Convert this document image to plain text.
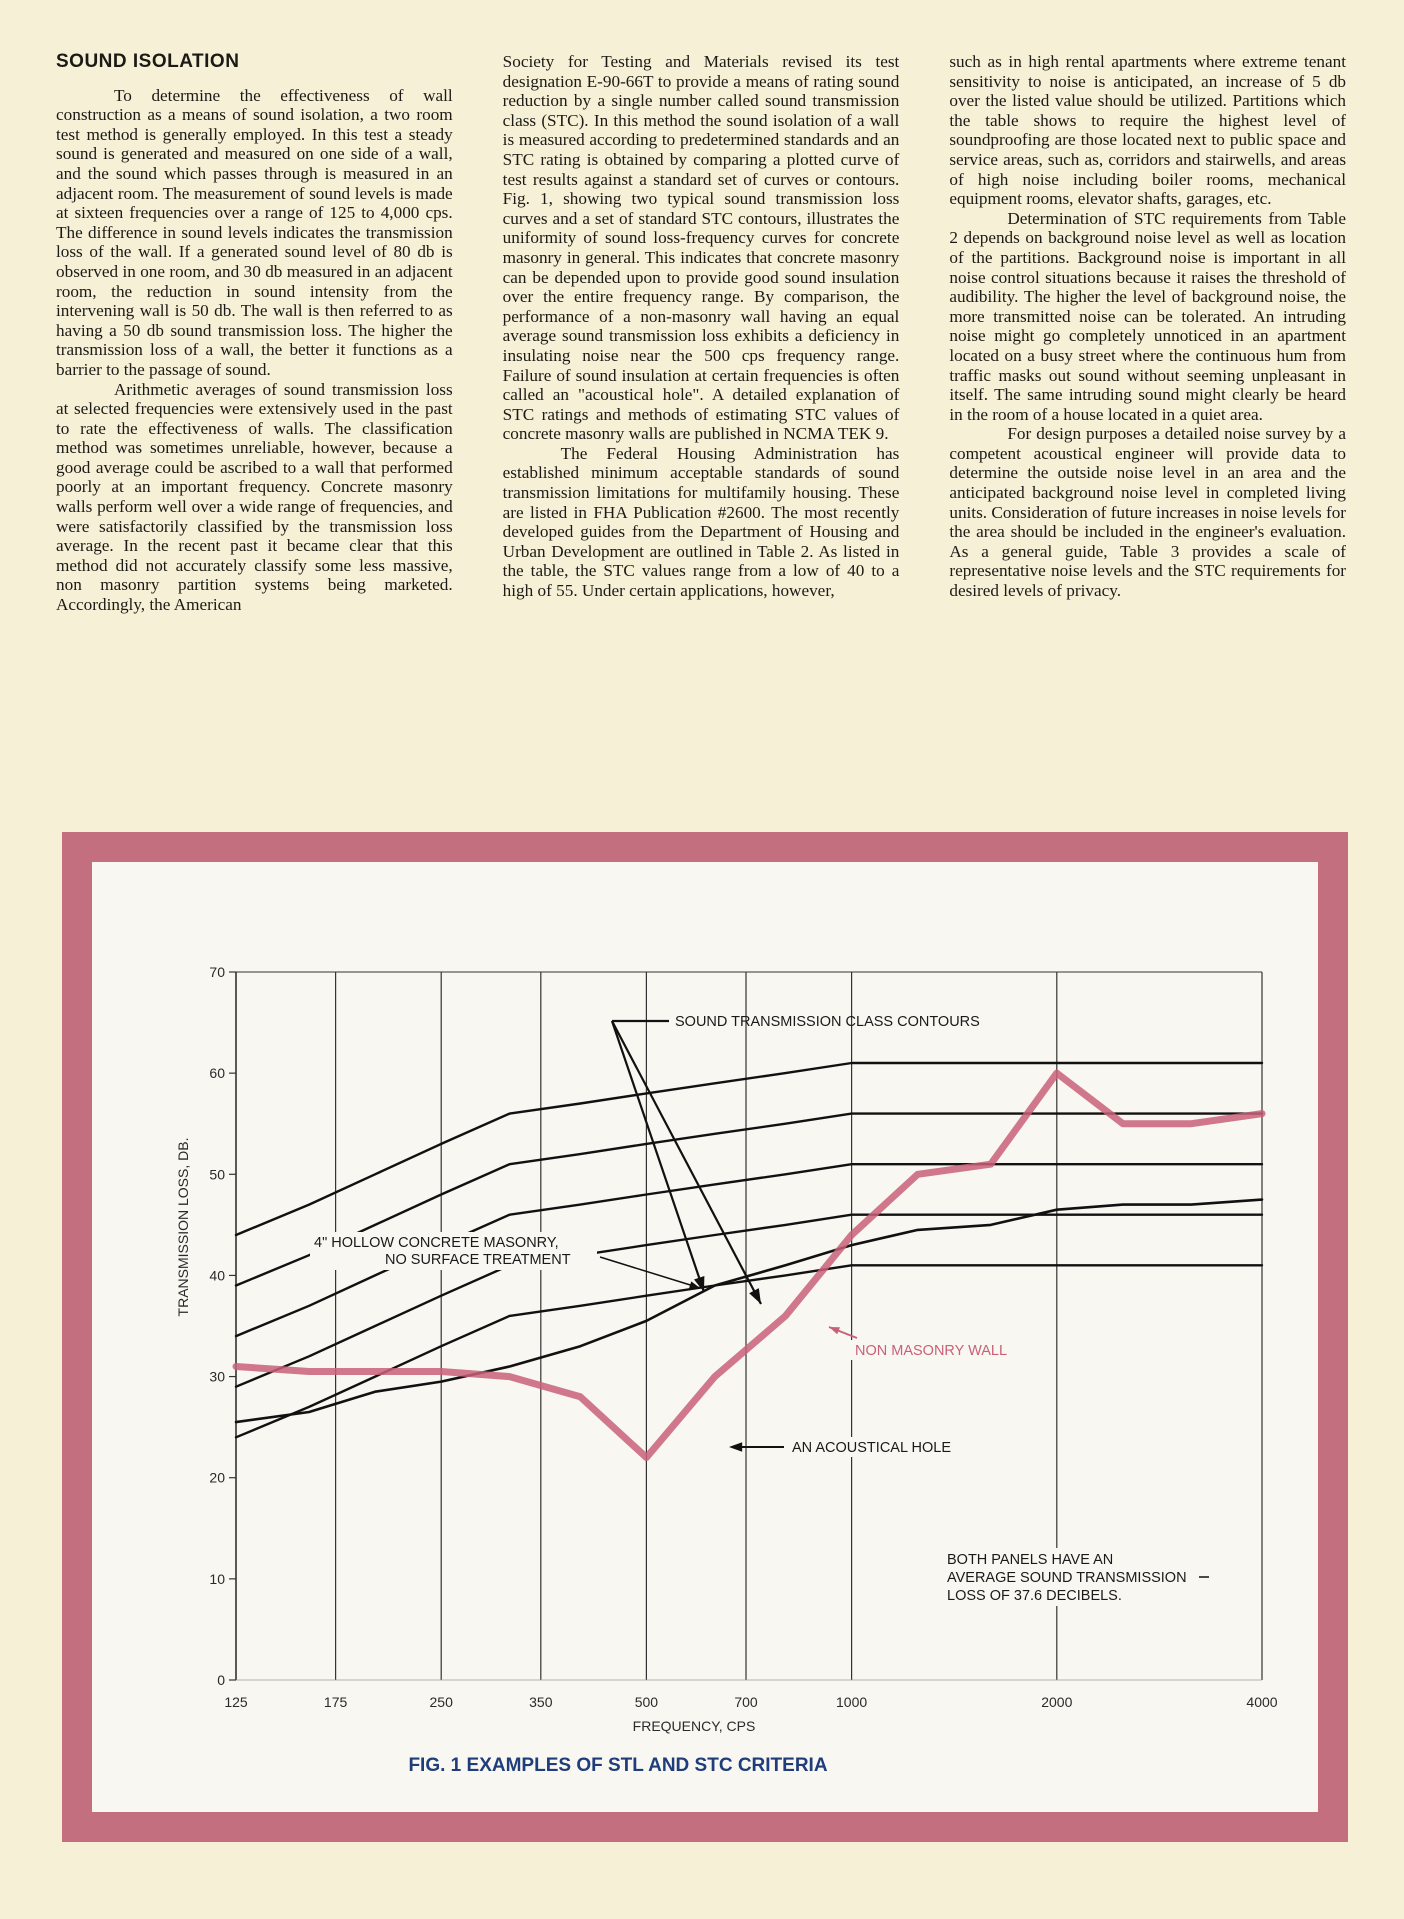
SOUND ISOLATION

To determine the effectiveness of wall construction as a means of sound isolation, a two room test method is generally employed. In this test a steady sound is generated and measured on one side of a wall, and the sound which passes through is measured in an adjacent room. The measurement of sound levels is made at sixteen frequencies over a range of 125 to 4,000 cps. The difference in sound levels indicates the transmission loss of the wall. If a generated sound level of 80 db is observed in one room, and 30 db measured in an adjacent room, the reduction in sound intensity from the intervening wall is 50 db. The wall is then referred to as having a 50 db sound transmission loss. The higher the transmission loss of a wall, the better it functions as a barrier to the passage of sound.

Arithmetic averages of sound transmission loss at selected frequencies were extensively used in the past to rate the effectiveness of walls. The classification method was sometimes unreliable, however, because a good average could be ascribed to a wall that performed poorly at an important frequency. Concrete masonry walls perform well over a wide range of frequencies, and were satisfactorily classified by the transmission loss average. In the recent past it became clear that this method did not accurately classify some less massive, non masonry partition systems being marketed. Accordingly, the American

Society for Testing and Materials revised its test designation E-90-66T to provide a means of rating sound reduction by a single number called sound transmission class (STC). In this method the sound isolation of a wall is measured according to predetermined standards and an STC rating is obtained by comparing a plotted curve of test results against a standard set of curves or contours. Fig. 1, showing two typical sound transmission loss curves and a set of standard STC contours, illustrates the uniformity of sound loss-frequency curves for concrete masonry in general. This indicates that concrete masonry can be depended upon to provide good sound insulation over the entire frequency range. By comparison, the performance of a non-masonry wall having an equal average sound transmission loss exhibits a deficiency in insulating noise near the 500 cps frequency range. Failure of sound insulation at certain frequencies is often called an "acoustical hole". A detailed explanation of STC ratings and methods of estimating STC values of concrete masonry walls are published in NCMA TEK 9.

The Federal Housing Administration has established minimum acceptable standards of sound transmission limitations for multifamily housing. These are listed in FHA Publication #2600. The most recently developed guides from the Department of Housing and Urban Development are outlined in Table 2. As listed in the table, the STC values range from a low of 40 to a high of 55. Under certain applications, however,

such as in high rental apartments where extreme tenant sensitivity to noise is anticipated, an increase of 5 db over the listed value should be utilized. Partitions which the table shows to require the highest level of soundproofing are those located next to public space and service areas, such as, corridors and stairwells, and areas of high noise including boiler rooms, mechanical equipment rooms, elevator shafts, garages, etc.

Determination of STC requirements from Table 2 depends on background noise level as well as location of the partitions. Background noise is important in all noise control situations because it raises the threshold of audibility. The higher the level of background noise, the more transmitted noise can be tolerated. An intruding noise might go completely unnoticed in an apartment located on a busy street where the continuous hum from traffic masks out sound without seeming unpleasant in itself. The same intruding sound might clearly be heard in the room of a house located in a quiet area.

For design purposes a detailed noise survey by a competent acoustical engineer will provide data to determine the outside noise level in an area and the anticipated background noise level in completed living units. Consideration of future increases in noise levels for the area should be included in the engineer's evaluation. As a general guide, Table 3 provides a scale of representative noise levels and the STC requirements for desired levels of privacy.

125	175	250	350	500	700	1000	2000	4000
0
10
20
30
40
50
60
70
SOUND TRANSMISSION CLASS CONTOURS
4" HOLLOW CONCRETE MASONRY,
NO SURFACE TREATMENT
NON MASONRY WALL
AN ACOUSTICAL HOLE
BOTH PANELS HAVE AN
AVERAGE SOUND TRANSMISSION
LOSS OF 37.6 DECIBELS.
TRANSMISSION LOSS, DB.
FREQUENCY, CPS
FIG. 1 EXAMPLES OF STL AND STC CRITERIA
